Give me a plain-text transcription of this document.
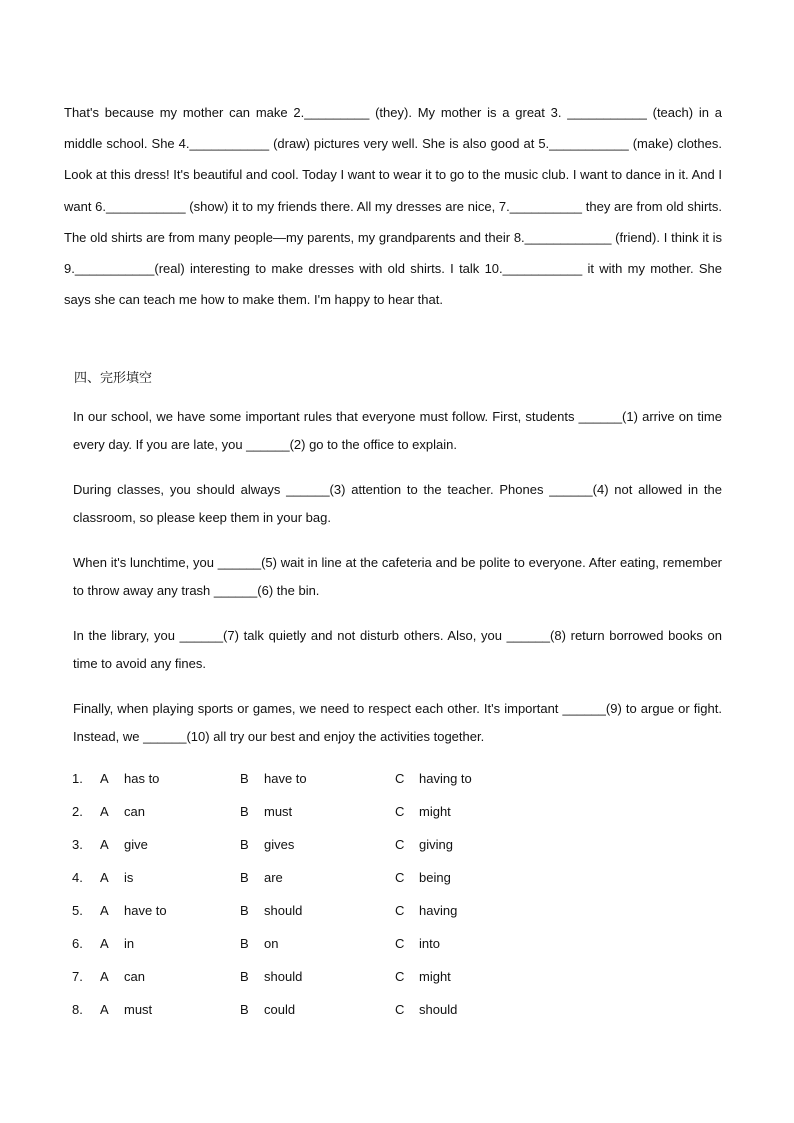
That's because my mother can make 2._________ (they). My mother is a great 3. ___________ (teach) in a middle school. She 4.___________ (draw) pictures very well. She is also good at 5.___________ (make) clothes. Look at this dress! It's beautiful and cool. Today I want to wear it to go to the music club. I want to dance in it. And I want 6.___________ (show) it to my friends there. All my dresses are nice, 7.__________ they are from old shirts. The old shirts are from many people—my parents, my grandparents and their 8.____________ (friend). I think it is 9.___________(real) interesting to make dresses with old shirts. I talk 10.___________ it with my mother. She says she can teach me how to make them. I'm happy to hear that.

四、完形填空

In our school, we have some important rules that everyone must follow. First, students ______(1) arrive on time every day. If you are late, you ______(2) go to the office to explain.

During classes, you should always ______(3) attention to the teacher. Phones ______(4) not allowed in the classroom, so please keep them in your bag.

When it's lunchtime, you ______(5) wait in line at the cafeteria and be polite to everyone. After eating, remember to throw away any trash ______(6) the bin.

In the library, you ______(7) talk quietly and not disturb others. Also, you ______(8) return borrowed books on time to avoid any fines.

Finally, when playing sports or games, we need to respect each other. It's important ______(9) to argue or fight. Instead, we ______(10) all try our best and enjoy the activities together.

1. A has to	B have to	C having to
2. A can	B must	C might
3. A give	B gives	C giving
4. A is	B are	C being
5. A have to	B should	C having
6. A in	B on	C into
7. A can	B should	C might
8. A must	B could	C should
